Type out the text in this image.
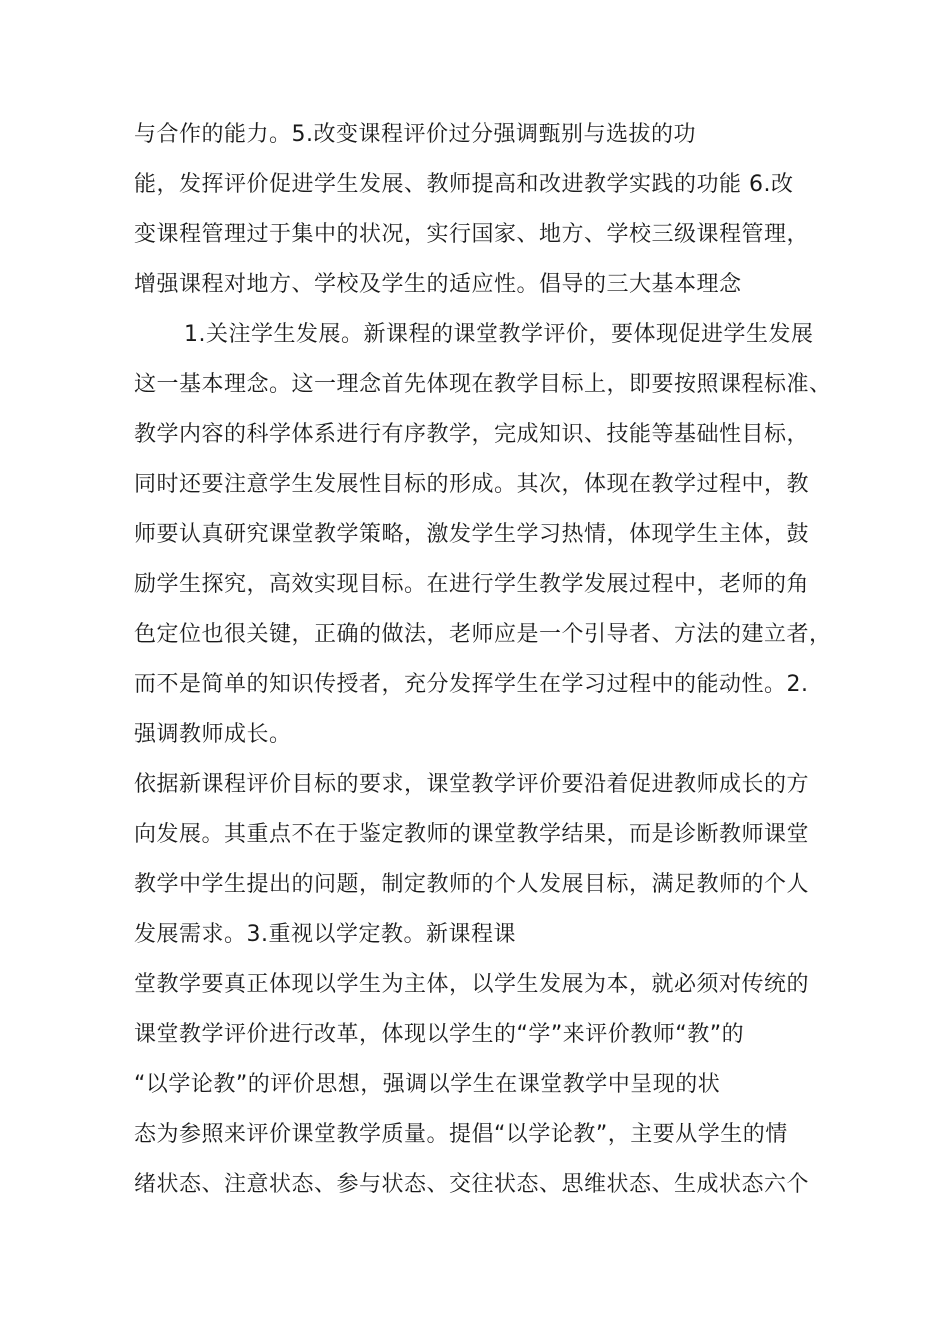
与合作的能力。5.改变课程评价过分强调甄别与选拔的功
能，发挥评价促进学生发展、教师提高和改进教学实践的功能 6.改
变课程管理过于集中的状况，实行国家、地方、学校三级课程管理，
增强课程对地方、学校及学生的适应性。倡导的三大基本理念
1.关注学生发展。新课程的课堂教学评价，要体现促进学生发展
这一基本理念。这一理念首先体现在教学目标上，即要按照课程标准、
教学内容的科学体系进行有序教学，完成知识、技能等基础性目标，
同时还要注意学生发展性目标的形成。其次，体现在教学过程中，教
师要认真研究课堂教学策略，激发学生学习热情，体现学生主体，鼓
励学生探究，高效实现目标。在进行学生教学发展过程中，老师的角
色定位也很关键，正确的做法，老师应是一个引导者、方法的建立者，
而不是简单的知识传授者，充分发挥学生在学习过程中的能动性。2.
强调教师成长。
依据新课程评价目标的要求，课堂教学评价要沿着促进教师成长的方
向发展。其重点不在于鉴定教师的课堂教学结果，而是诊断教师课堂
教学中学生提出的问题，制定教师的个人发展目标，满足教师的个人
发展需求。3.重视以学定教。新课程课
堂教学要真正体现以学生为主体，以学生发展为本，就必须对传统的
课堂教学评价进行改革，体现以学生的“学”来评价教师“教”的
“以学论教”的评价思想，强调以学生在课堂教学中呈现的状
态为参照来评价课堂教学质量。提倡“以学论教”，主要从学生的情
绪状态、注意状态、参与状态、交往状态、思维状态、生成状态六个
